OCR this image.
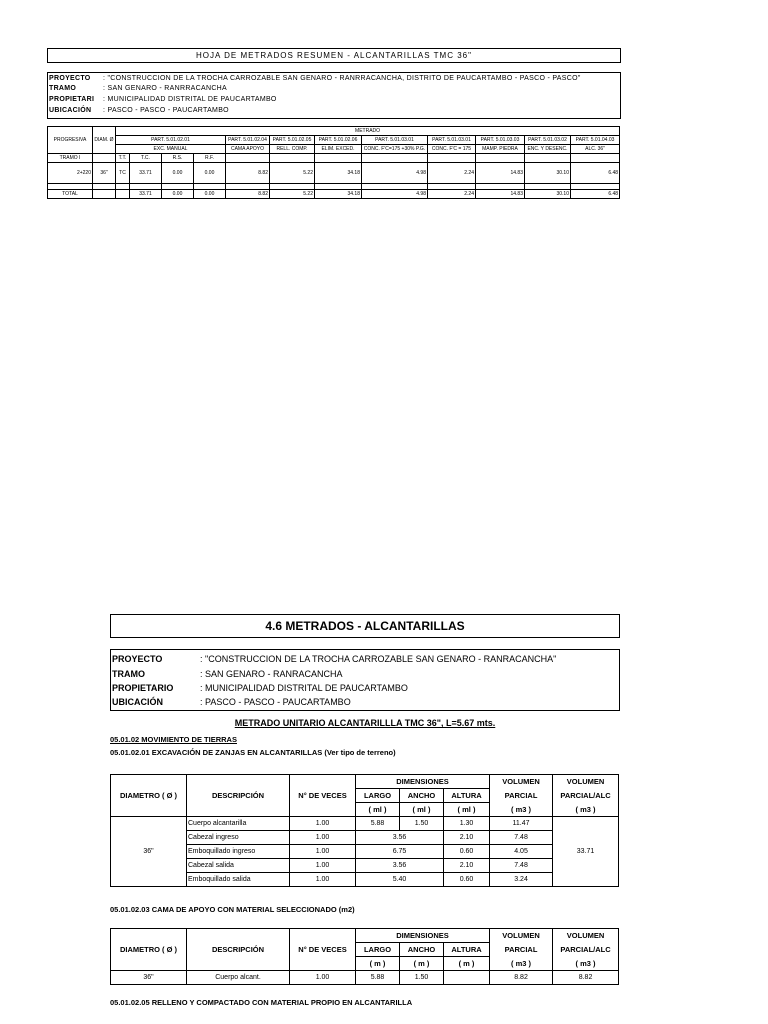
HOJA DE METRADOS RESUMEN - ALCANTARILLAS TMC 36"
PROYECTO : "CONSTRUCCION DE LA TROCHA CARROZABLE SAN GENARO - RANRRACANCHA, DISTRITO DE PAUCARTAMBO - PASCO - PASCO"
TRAMO	: SAN GENARO - RANRRACANCHA
PROPIETARI : MUNICIPALIDAD DISTRITAL DE PAUCARTAMBO
UBICACIÓN : PASCO - PASCO - PAUCARTAMBO
PROGRESIVA	DIAM. Ø	METRADO											
		PART. 5.01.02.01				PART. 5.01.02.04	PART. 5.01.02.05	PART. 5.01.02.06	PART. 5.01.03.01	PART. 5.01.03.01	PART. 5.01.03.03	PART. 5.01.03.02	PART. 5.01.04.03
		EXC. MANUAL				CAMA APOYO	RELL. COMP.	ELIM. EXCED.	CONC. F'C=175 +30% P.G.	CONC. F'C = 175	MAMP. PIEDRA	ENC. Y DESENC.	ALC. 36"
TRAMO I		T.T.	T.C.	R.S.	R.F.								
2+220	36"	TC	33.71	0.00	0.00	8.82	5.22	34.18	4.98	2.24	14.83	30.10	6.48

TOTAL			33.71	0.00	0.00	8.82	5.22	34.18	4.98	2.24	14.83	30.10	6.48
4.6 METRADOS - ALCANTARILLAS
PROYECTO	: "CONSTRUCCION DE LA TROCHA CARROZABLE SAN GENARO - RANRACANCHA"
TRAMO	: SAN GENARO - RANRACANCHA
PROPIETARIO	: MUNICIPALIDAD DISTRITAL DE PAUCARTAMBO
UBICACIÓN	: PASCO - PASCO - PAUCARTAMBO
METRADO UNITARIO ALCANTARILLLA TMC 36", L=5.67 mts.
05.01.02 MOVIMIENTO DE TIERRAS
05.01.02.01 EXCAVACIÓN DE ZANJAS EN ALCANTARILLAS (Ver tipo de terreno)
DIAMETRO ( Ø )	DESCRIPCIÓN	N° DE VECES	DIMENSIONES			VOLUMEN	VOLUMEN
			LARGO	ANCHO	ALTURA	PARCIAL	PARCIAL/ALC
			( ml )	( ml )	( ml )	( m3 )	( m3 )
36"	Cuerpo alcantarilla	1.00	5.88	1.50	1.30	11.47	33.71
	Cabezal ingreso	1.00	3.56		2.10	7.48	
	Emboquillado ingreso	1.00	6.75		0.60	4.05	
	Cabezal salida	1.00	3.56		2.10	7.48	
	Emboquillado salida	1.00	5.40		0.60	3.24	
05.01.02.03 CAMA DE APOYO CON MATERIAL SELECCIONADO (m2)
DIAMETRO ( Ø )	DESCRIPCIÓN	N° DE VECES	DIMENSIONES			VOLUMEN	VOLUMEN
			LARGO	ANCHO	ALTURA	PARCIAL	PARCIAL/ALC
			( m )	( m )	( m )	( m3 )	( m3 )
36"	Cuerpo alcant.	1.00	5.88	1.50		8.82	8.82
05.01.02.05 RELLENO Y COMPACTADO CON MATERIAL PROPIO EN ALCANTARILLA
